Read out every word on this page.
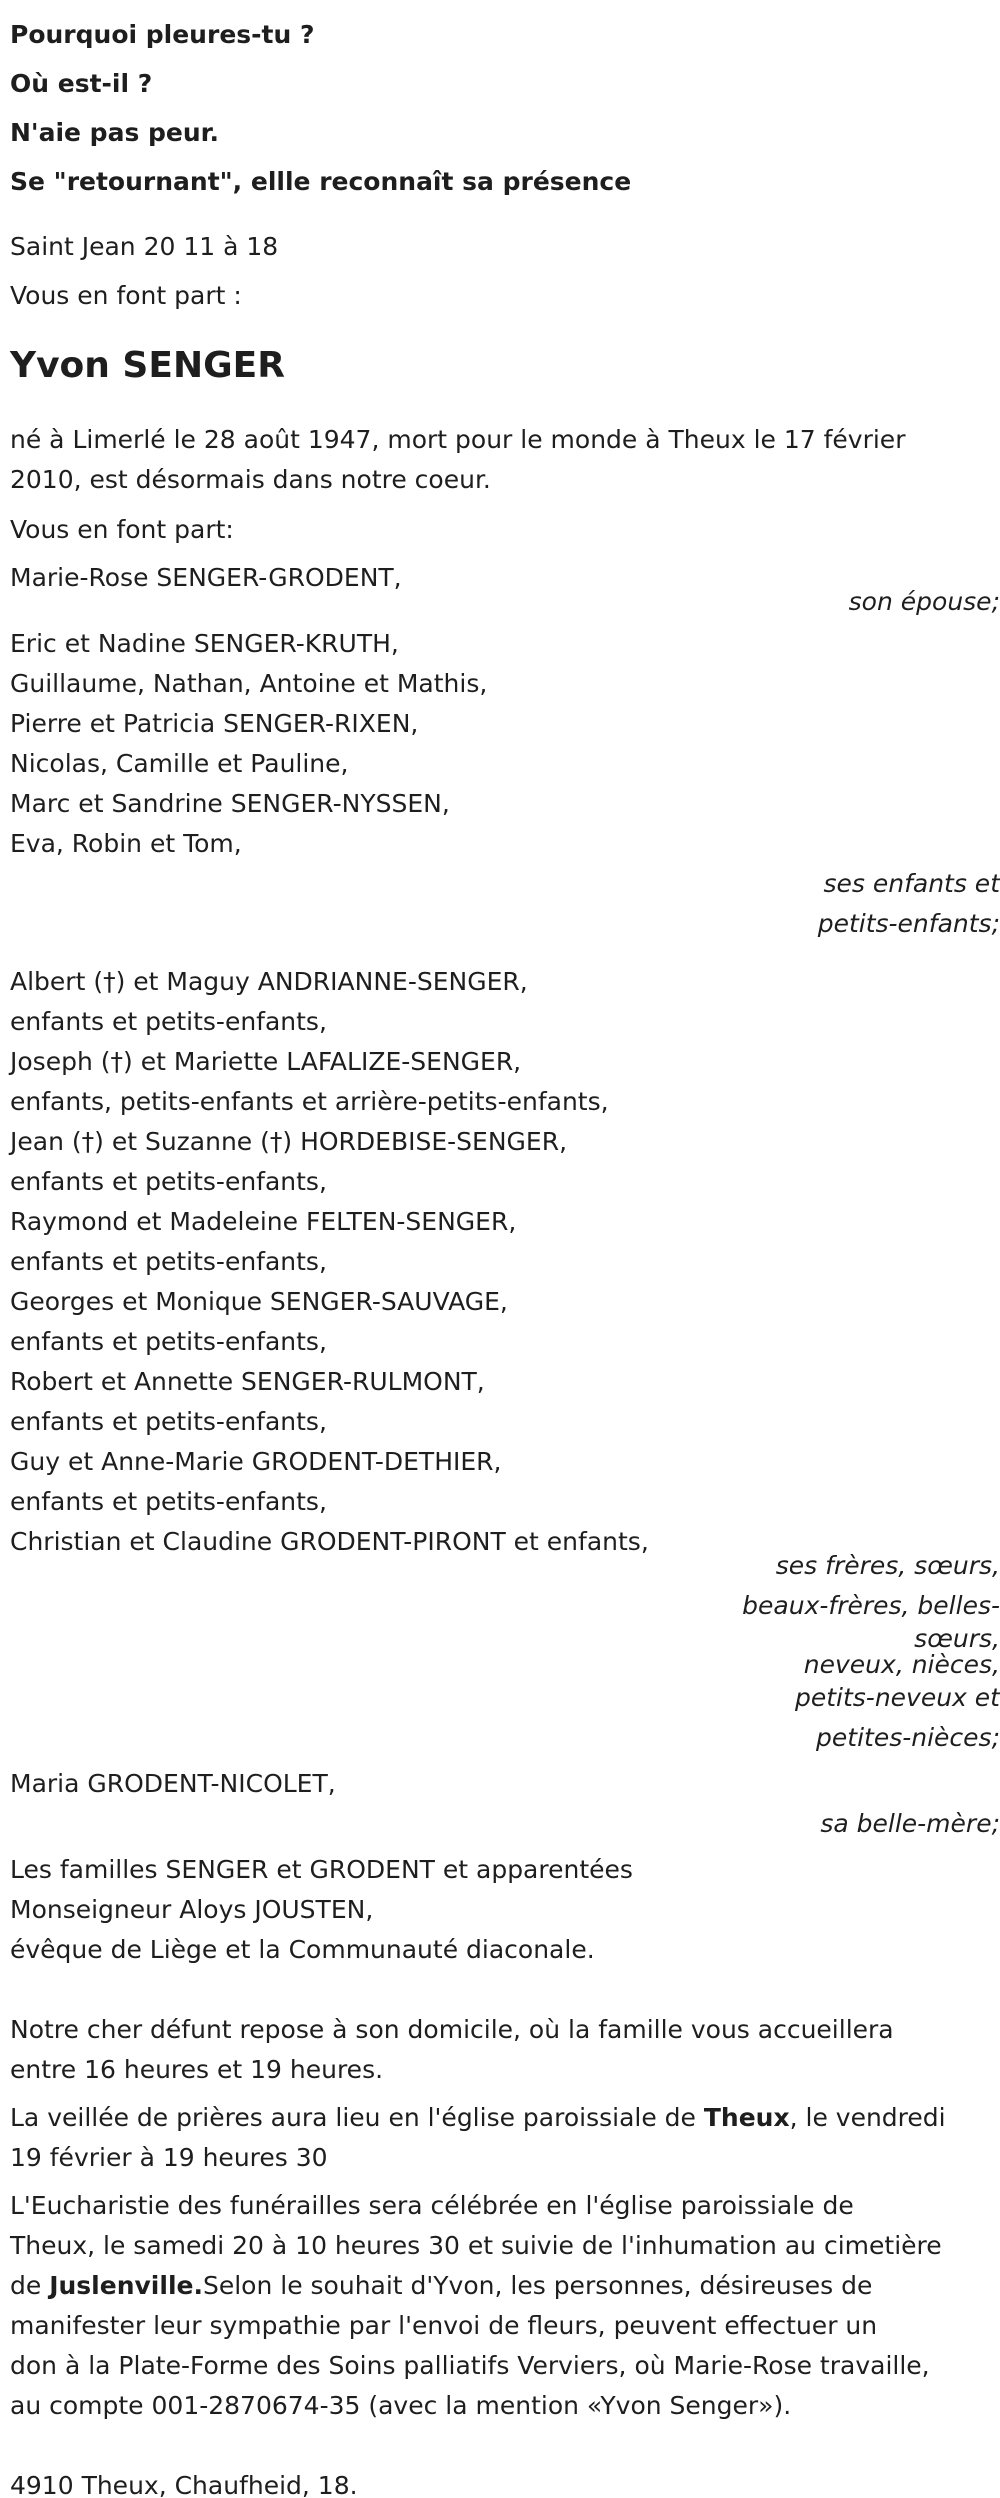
Pourquoi pleures-tu ?

Où est-il ?

N'aie pas peur.

Se "retournant", ellle reconnaît sa présence

Saint Jean 20 11 à 18

Vous en font part :

Yvon SENGER
né à Limerlé le 28 août 1947, mort pour le monde à Theux le 17 février
2010, est désormais dans notre coeur.
Vous en font part:
Marie-Rose SENGER-GRODENT,
son épouse;
Eric et Nadine SENGER-KRUTH,
Guillaume, Nathan, Antoine et Mathis,
Pierre et Patricia SENGER-RIXEN,
Nicolas, Camille et Pauline,
Marc et Sandrine SENGER-NYSSEN,
Eva, Robin et Tom,
ses enfants et
petits-enfants;
Albert (†) et Maguy ANDRIANNE-SENGER,
enfants et petits-enfants,
Joseph (†) et Mariette LAFALIZE-SENGER,
enfants, petits-enfants et arrière-petits-enfants,
Jean (†) et Suzanne (†) HORDEBISE-SENGER,
enfants et petits-enfants,
Raymond et Madeleine FELTEN-SENGER,
enfants et petits-enfants,
Georges et Monique SENGER-SAUVAGE,
enfants et petits-enfants,
Robert et Annette SENGER-RULMONT,
enfants et petits-enfants,
Guy et Anne-Marie GRODENT-DETHIER,
enfants et petits-enfants,
Christian et Claudine GRODENT-PIRONT et enfants,
ses frères, sœurs,
beaux-frères, belles-
sœurs,
neveux, nièces,
petits-neveux et
petites-nièces;
Maria GRODENT-NICOLET,
sa belle-mère;
Les familles SENGER et GRODENT et apparentées
Monseigneur Aloys JOUSTEN,
évêque de Liège et la Communauté diaconale.
Notre cher défunt repose à son domicile, où la famille vous accueillera
entre 16 heures et 19 heures.
La veillée de prières aura lieu en l'église paroissiale de Theux, le vendredi
19 février à 19 heures 30
L'Eucharistie des funérailles sera célébrée en l'église paroissiale de
Theux, le samedi 20 à 10 heures 30 et suivie de l'inhumation au cimetière
de Juslenville.Selon le souhait d'Yvon, les personnes, désireuses de
manifester leur sympathie par l'envoi de fleurs, peuvent effectuer un
don à la Plate-Forme des Soins palliatifs Verviers, où Marie-Rose travaille,
au compte 001-2870674-35 (avec la mention «Yvon Senger»).
4910 Theux, Chaufheid, 18.
